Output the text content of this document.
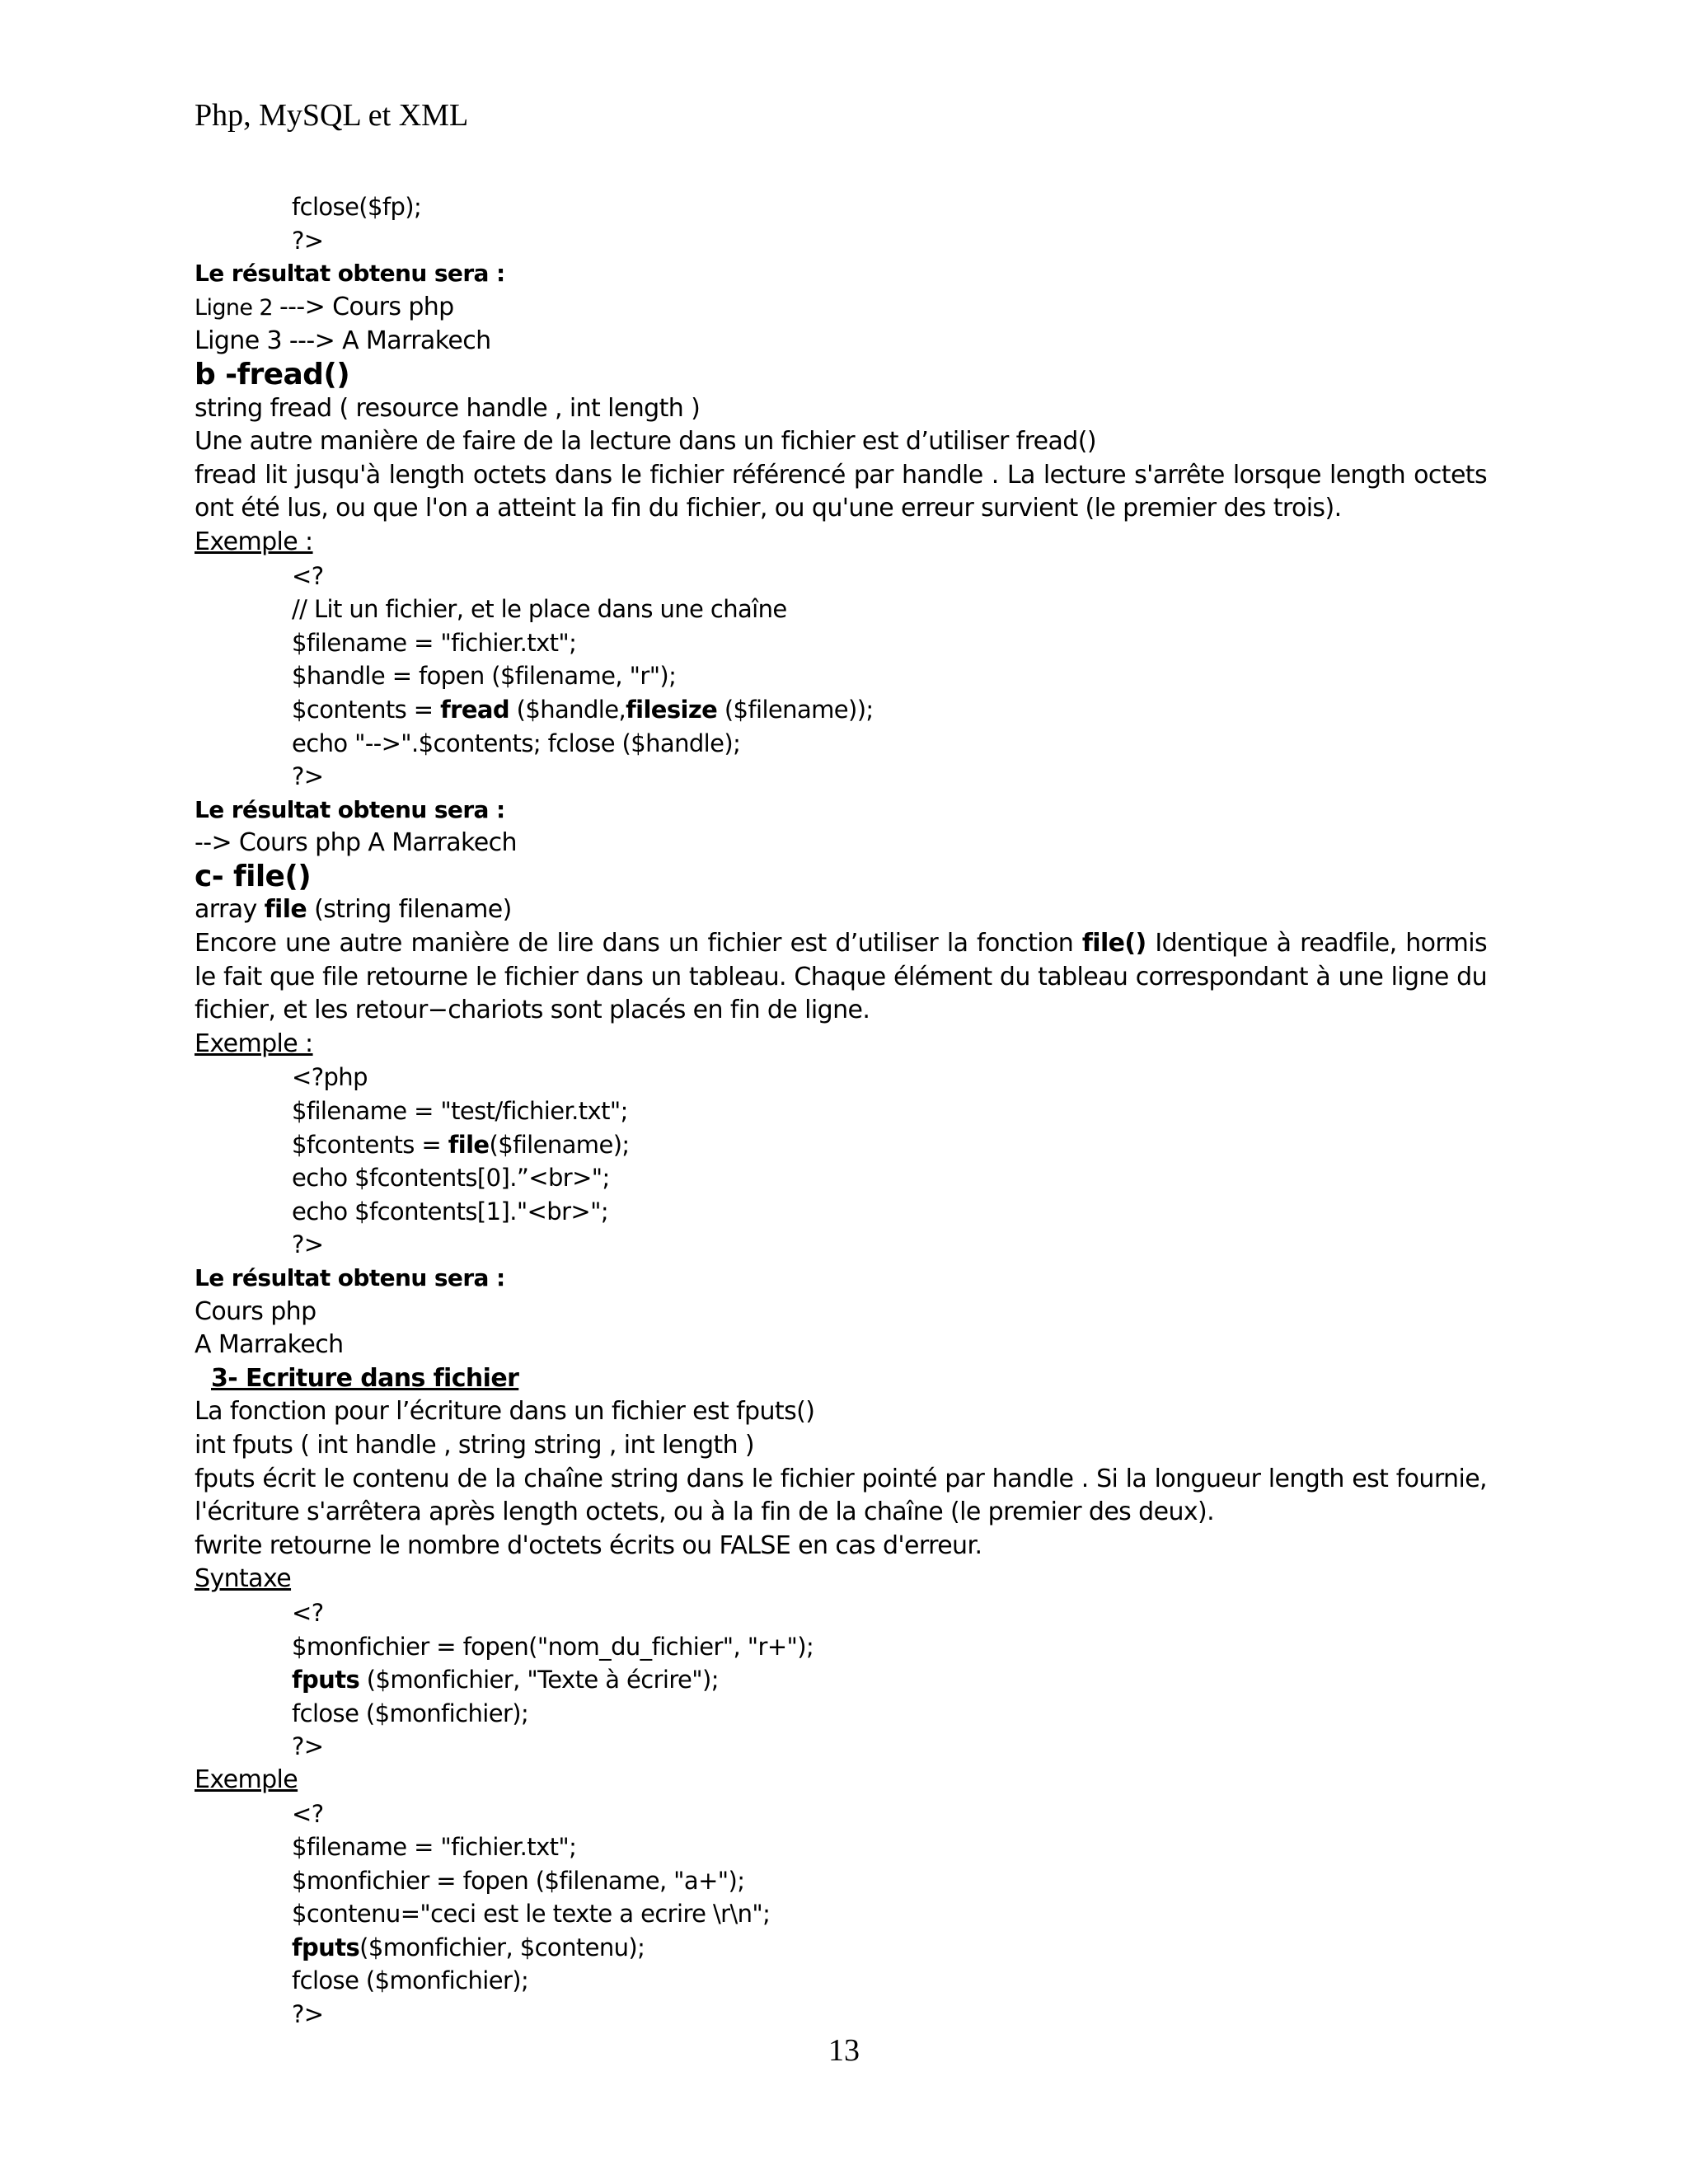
Php, MySQL et XML
fclose($fp);
?>
Le résultat obtenu sera :
Ligne 2 ---> Cours php
Ligne 3 ---> A Marrakech
b -fread()
string fread ( resource handle , int length )
Une autre manière de faire de la lecture dans un fichier est d’utiliser fread()
fread lit jusqu'à length octets dans le fichier référencé par handle . La lecture s'arrête lorsque length octets ont été lus, ou que l'on a atteint la fin du fichier, ou qu'une erreur survient (le premier des trois).
Exemple :
<?
// Lit un fichier, et le place dans une chaîne
$filename = "fichier.txt";
$handle = fopen ($filename, "r");
$contents = fread ($handle,filesize ($filename));
echo "-->".$contents; fclose ($handle);
?>
Le résultat obtenu sera :
--> Cours php A Marrakech
c- file()
array file (string filename)
Encore une autre manière de lire dans un fichier est d’utiliser la fonction file() Identique à readfile, hormis le fait que file retourne le fichier dans un tableau. Chaque élément du tableau correspondant à une ligne du fichier, et les retour−chariots sont placés en fin de ligne.
Exemple :
<?php
$filename = "test/fichier.txt";
$fcontents = file($filename);
echo $fcontents[0].”<br>";
echo $fcontents[1]."<br>";
?>
Le résultat obtenu sera :
Cours php
A Marrakech
3- Ecriture dans fichier
La fonction pour l’écriture dans un fichier est fputs()
int fputs ( int handle , string string , int length )
fputs écrit le contenu de la chaîne string dans le fichier pointé par handle . Si la longueur length est fournie, l'écriture s'arrêtera après length octets, ou à la fin de la chaîne (le premier des deux).
fwrite retourne le nombre d'octets écrits ou FALSE en cas d'erreur.
Syntaxe
<?
$monfichier = fopen("nom_du_fichier", "r+");
fputs ($monfichier, "Texte à écrire");
fclose ($monfichier);
?>
Exemple
<?
$filename = "fichier.txt";
$monfichier = fopen ($filename, "a+");
$contenu="ceci est le texte a ecrire \r\n";
fputs($monfichier, $contenu);
fclose ($monfichier);
?>
13
